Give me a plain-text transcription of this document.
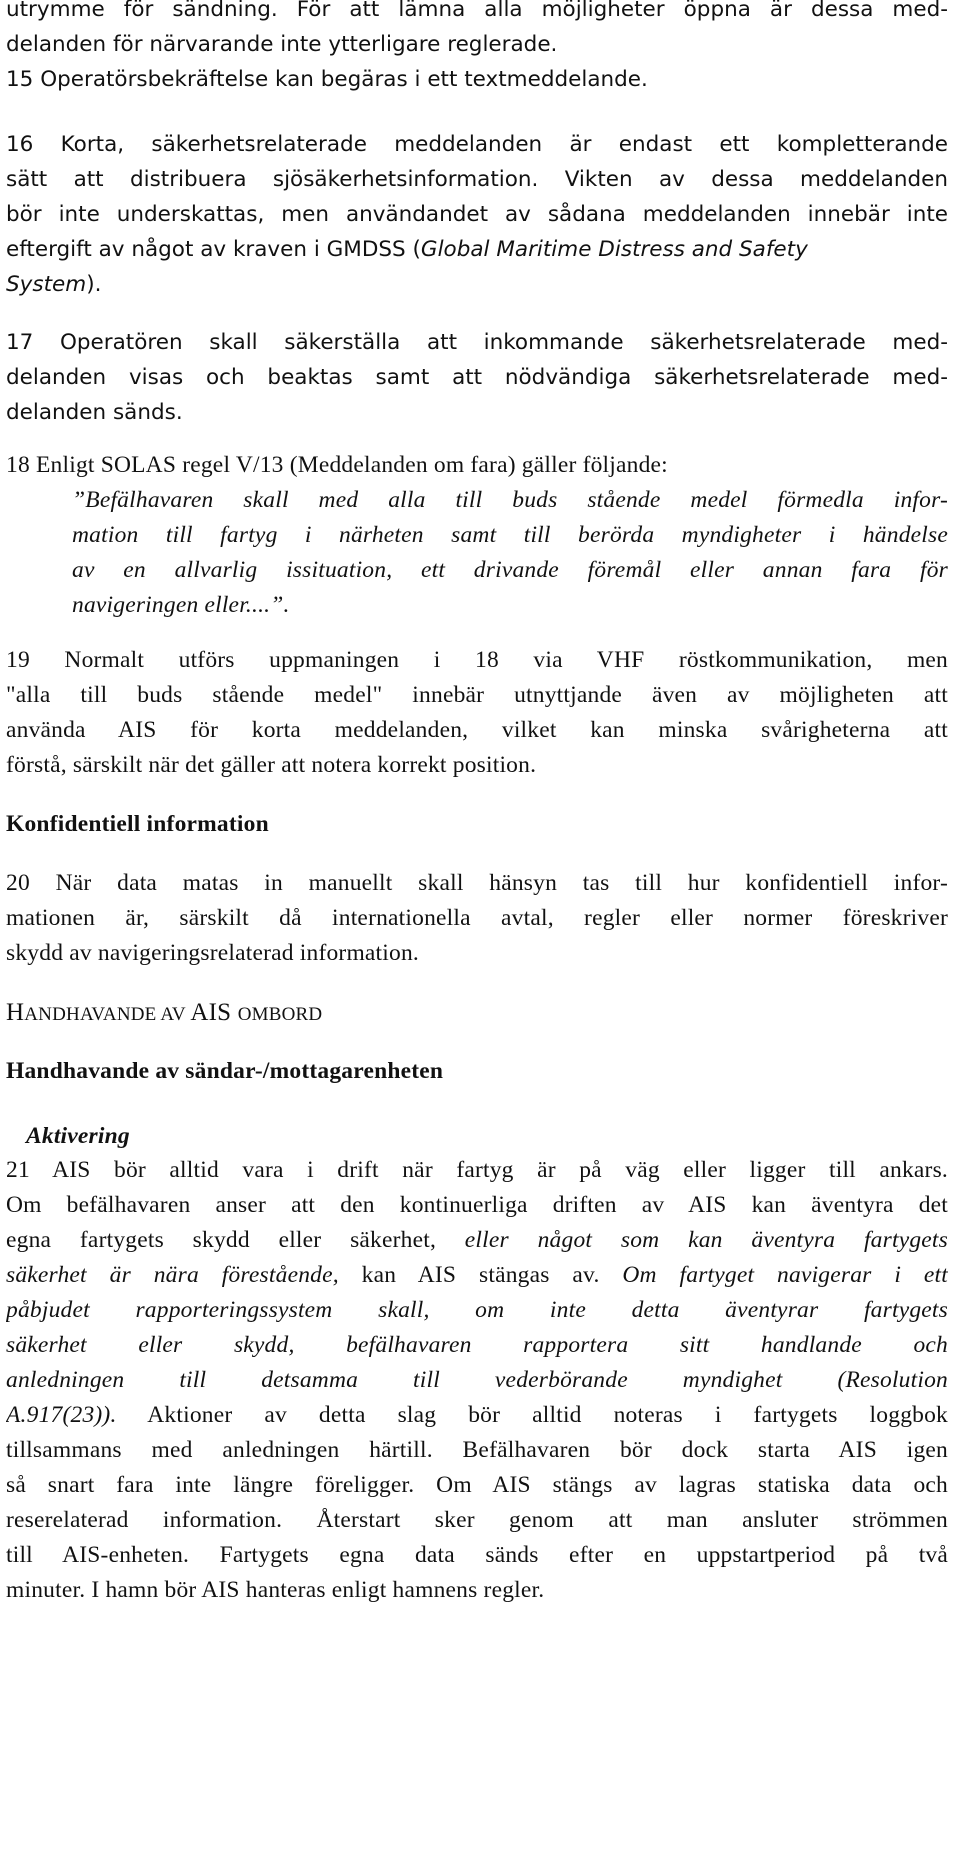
utrymme för sändning. För att lämna alla möjligheter öppna är dessa med-
delanden för närvarande inte ytterligare reglerade.
15 Operatörsbekräftelse kan begäras i ett textmeddelande.
16 Korta, säkerhetsrelaterade meddelanden är endast ett kompletterande
sätt att distribuera sjösäkerhetsinformation. Vikten av dessa meddelanden
bör inte underskattas, men användandet av sådana meddelanden innebär inte
eftergift av något av kraven i GMDSS (Global Maritime Distress and Safety
System).
17 Operatören skall säkerställa att inkommande säkerhetsrelaterade med-
delanden visas och beaktas samt att nödvändiga säkerhetsrelaterade med-
delanden sänds.
18 Enligt SOLAS regel V/13 (Meddelanden om fara) gäller följande:
”Befälhavaren skall med alla till buds stående medel förmedla infor-
mation till fartyg i närheten samt till berörda myndigheter i händelse
av en allvarlig issituation, ett drivande föremål eller annan fara för
navigeringen eller....”.
19 Normalt utförs uppmaningen i 18 via VHF röstkommunikation, men
"alla till buds stående medel" innebär utnyttjande även av möjligheten att
använda AIS för korta meddelanden, vilket kan minska svårigheterna att
förstå, särskilt när det gäller att notera korrekt position.
Konfidentiell information
20 När data matas in manuellt skall hänsyn tas till hur konfidentiell infor-
mationen är, särskilt då internationella avtal, regler eller normer föreskriver
skydd av navigeringsrelaterad information.
HANDHAVANDE AV AIS OMBORD
Handhavande av sändar-/mottagarenheten
Aktivering
21 AIS bör alltid vara i drift när fartyg är på väg eller ligger till ankars.
Om befälhavaren anser att den kontinuerliga driften av AIS kan äventyra det
egna fartygets skydd eller säkerhet, eller något som kan äventyra fartygets
säkerhet är nära förestående, kan AIS stängas av. Om fartyget navigerar i ett
påbjudet rapporteringssystem skall, om inte detta äventyrar fartygets
säkerhet eller skydd, befälhavaren rapportera sitt handlande och
anledningen till detsamma till vederbörande myndighet (Resolution
A.917(23)). Aktioner av detta slag bör alltid noteras i fartygets loggbok
tillsammans med anledningen härtill. Befälhavaren bör dock starta AIS igen
så snart fara inte längre föreligger. Om AIS stängs av lagras statiska data och
reserelaterad information. Återstart sker genom att man ansluter strömmen
till AIS-enheten. Fartygets egna data sänds efter en uppstartperiod på två
minuter. I hamn bör AIS hanteras enligt hamnens regler.
